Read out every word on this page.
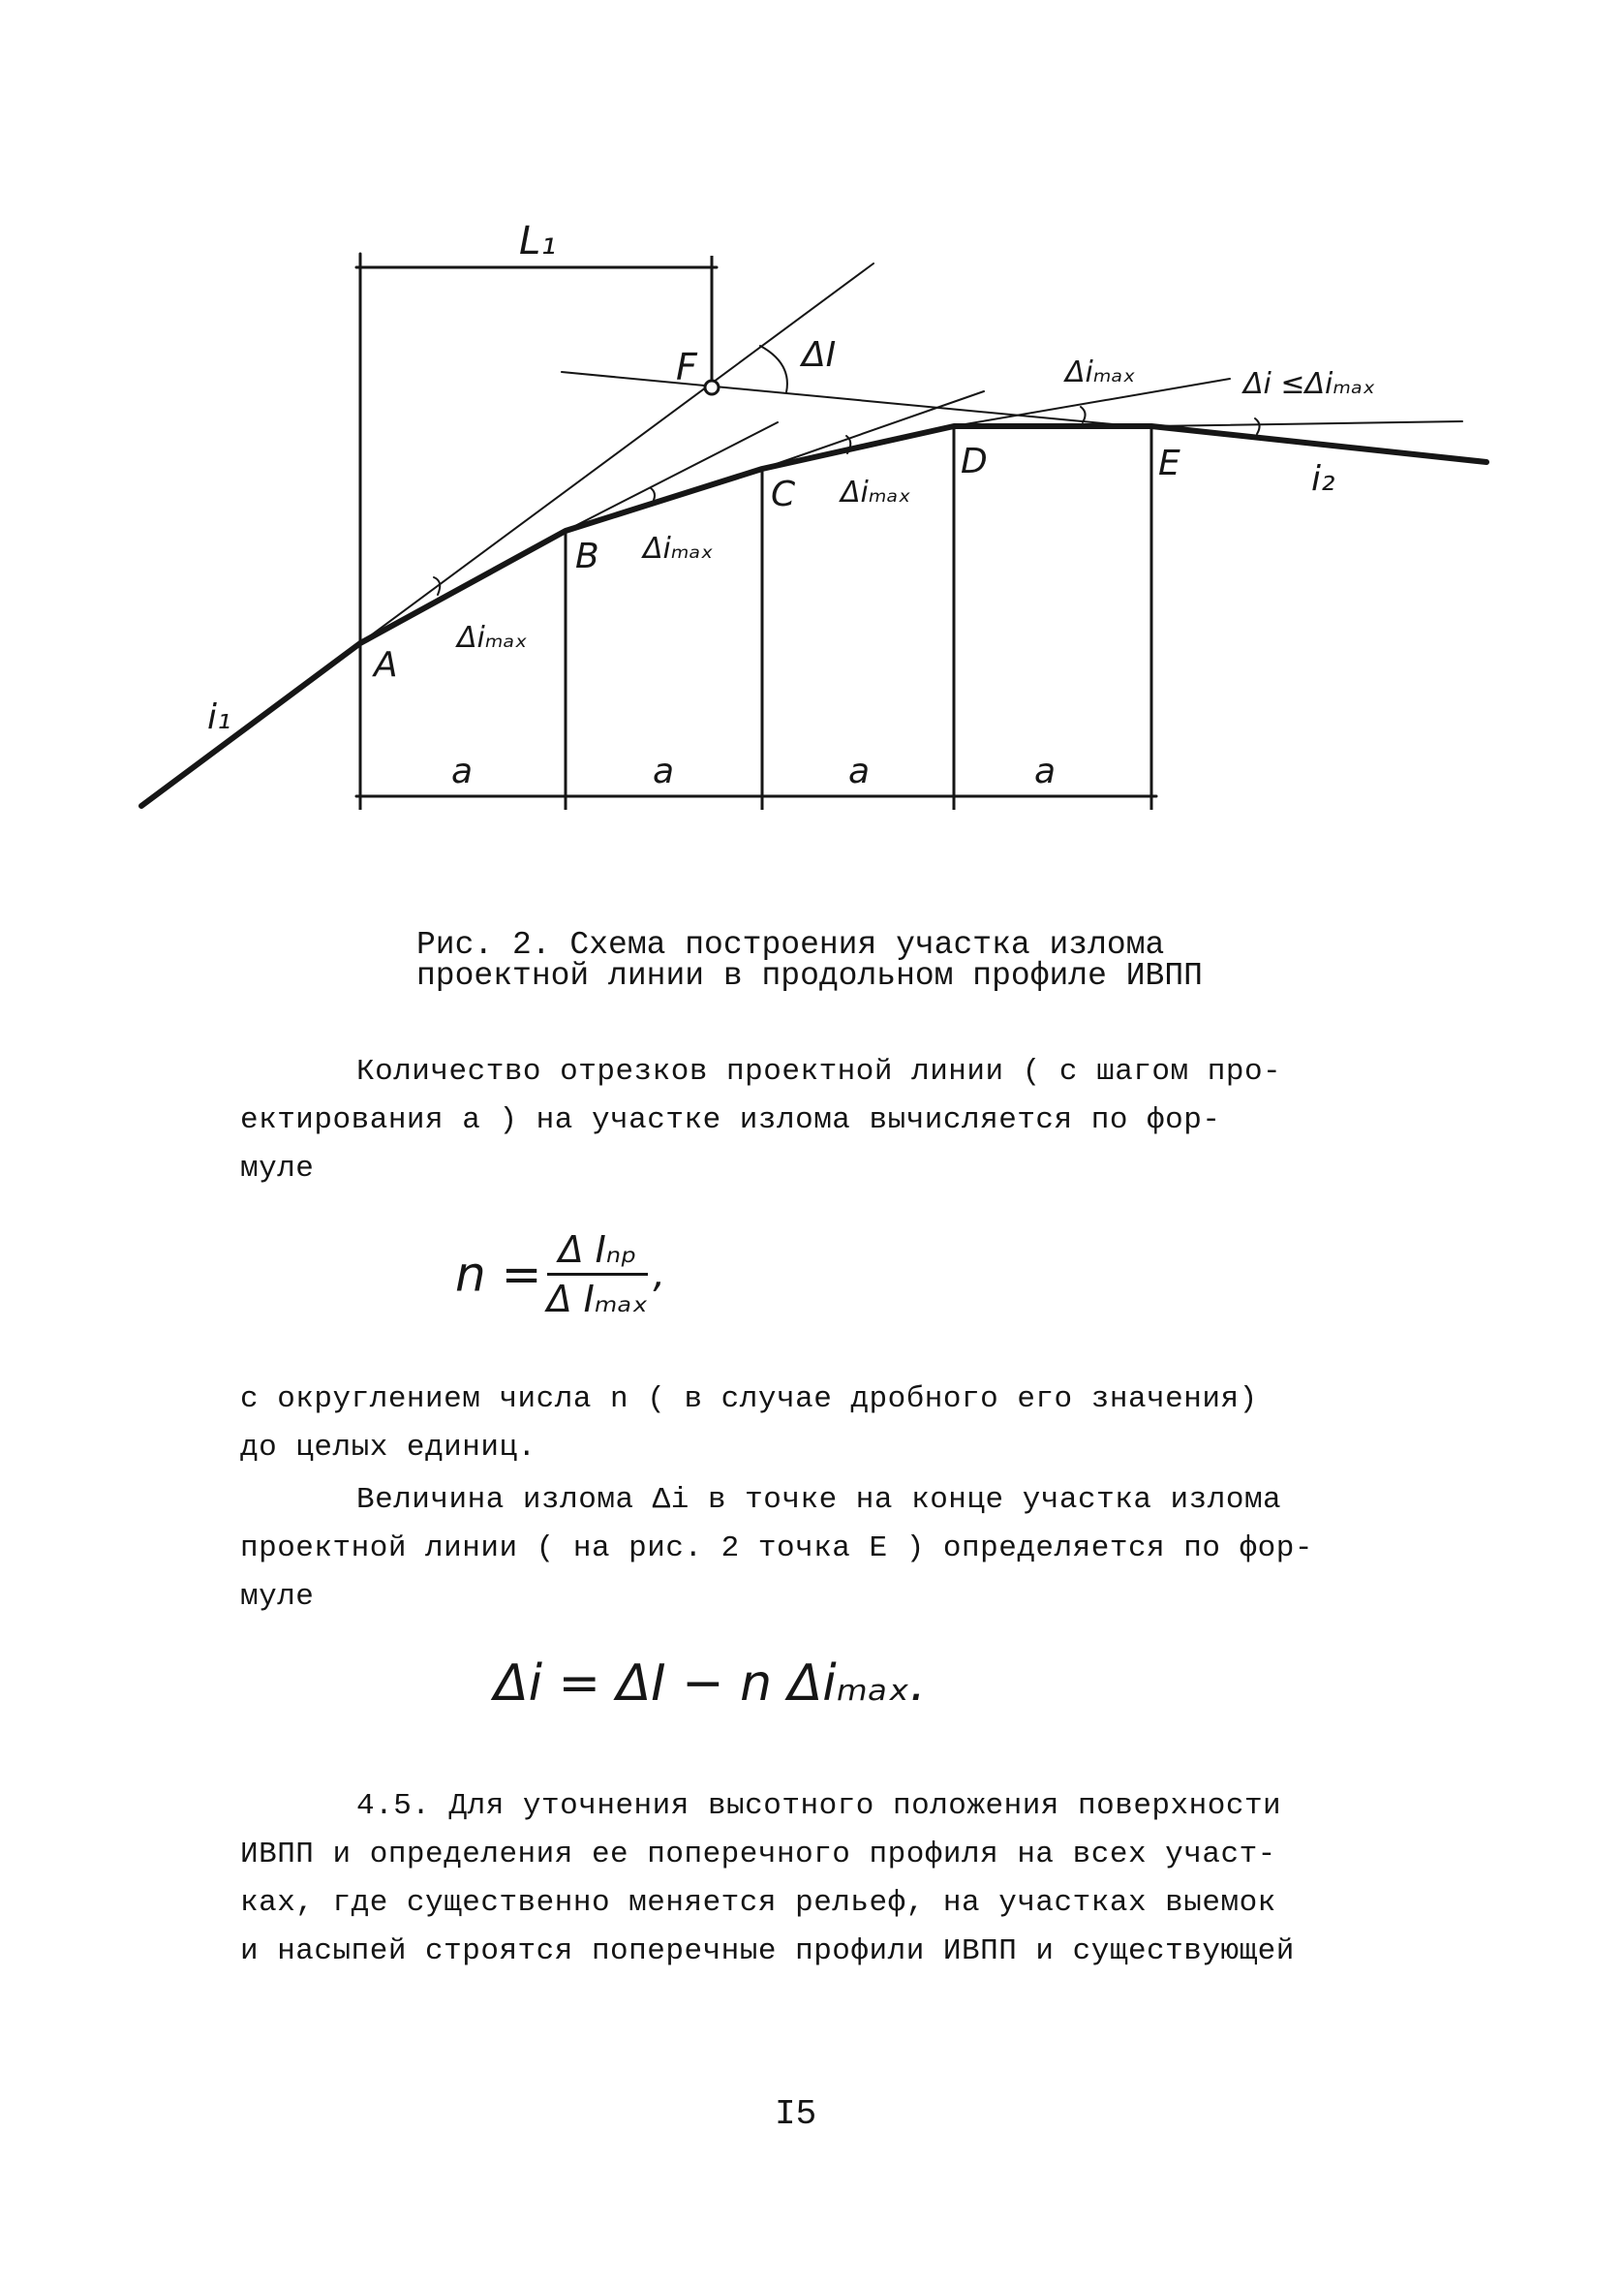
L₁
F	ΔI	Δiₘₐₓ	Δi ≤Δiₘₐₓ
A
B
C
D	E
Δiₘₐₓ
Δiₘₐₓ
Δiₘₐₓ
i₁
i₂
a	a	a	a
Рис. 2. Схема построения участка излома
проектной линии в продольном профиле ИВПП
Количество отрезков проектной линии ( с шагом про-
ектирования a ) на участке излома вычисляется по фор-
муле
$n = \frac{\text{Δ Iₙₚ}}{\text{Δ Iₘₐₓ}}$ ,
с округлением числа n ( в случае дробного его значения)
до целых единиц.
Величина излома Δi в точке на конце участка излома
проектной линии ( на рис. 2 точка E ) определяется по фор-
муле
Δi = ΔI − n Δiₘₐₓ.
4.5. Для уточнения высотного положения поверхности
ИВПП и определения ее поперечного профиля на всех участ-
ках, где существенно меняется рельеф, на участках выемок
и насыпей строятся поперечные профили ИВПП и существующей
I5
